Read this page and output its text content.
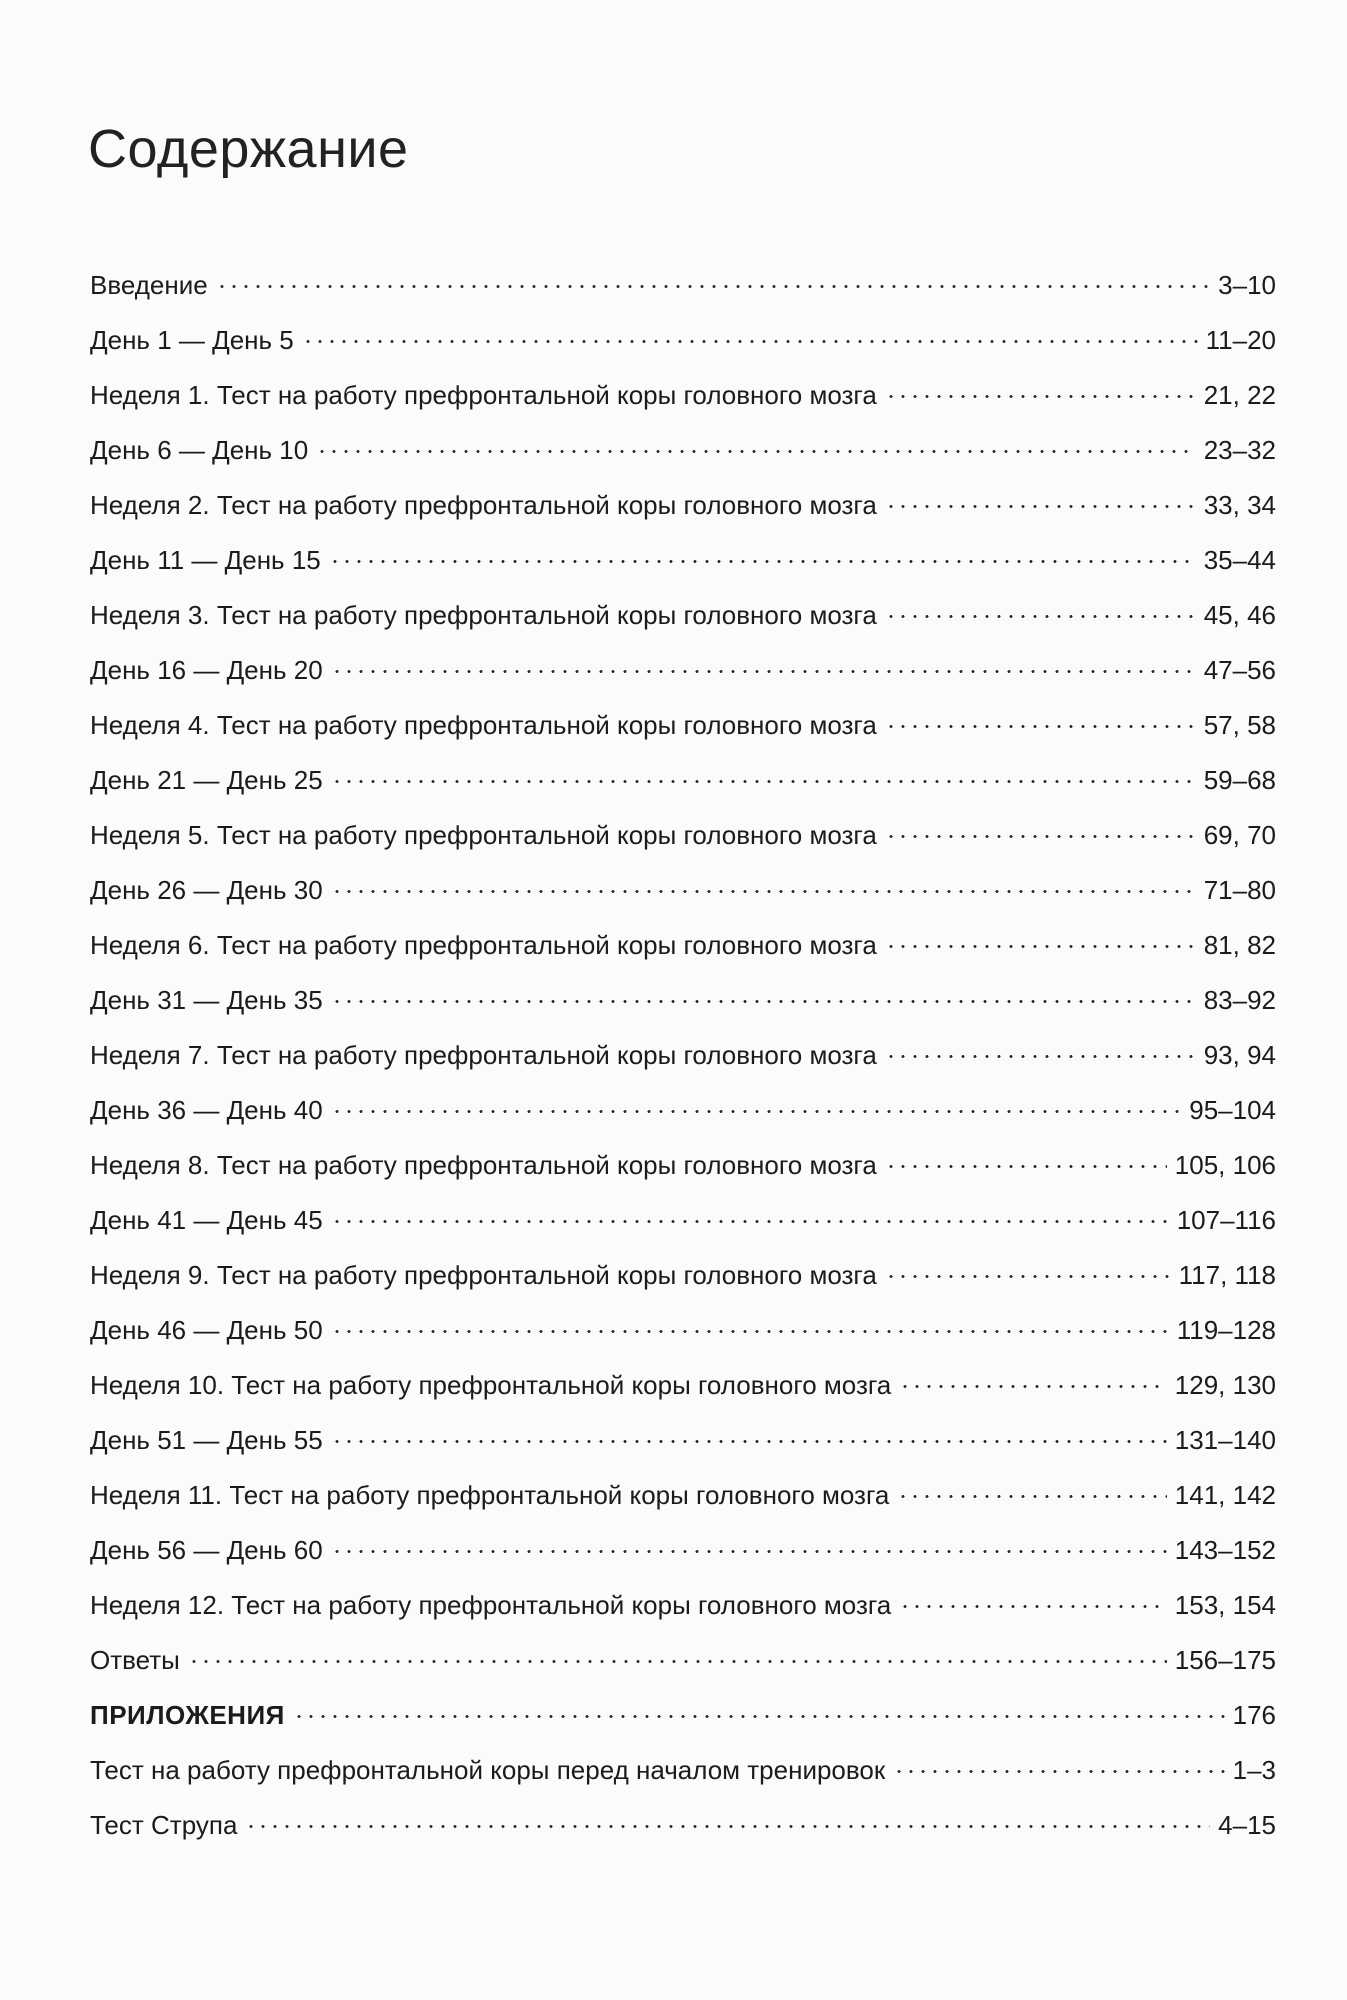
Содержание
Введение	3–10
День 1 — День 5	11–20
Неделя 1. Тест на работу префронтальной коры головного мозга	21, 22
День 6 — День 10	23–32
Неделя 2. Тест на работу префронтальной коры головного мозга	33, 34
День 11 — День 15	35–44
Неделя 3. Тест на работу префронтальной коры головного мозга	45, 46
День 16 — День 20	47–56
Неделя 4. Тест на работу префронтальной коры головного мозга	57, 58
День 21 — День 25	59–68
Неделя 5. Тест на работу префронтальной коры головного мозга	69, 70
День 26 — День 30	71–80
Неделя 6. Тест на работу префронтальной коры головного мозга	81, 82
День 31 — День 35	83–92
Неделя 7. Тест на работу префронтальной коры головного мозга	93, 94
День 36 — День 40	95–104
Неделя 8. Тест на работу префронтальной коры головного мозга	105, 106
День 41 — День 45	107–116
Неделя 9. Тест на работу префронтальной коры головного мозга	117, 118
День 46 — День 50	119–128
Неделя 10. Тест на работу префронтальной коры головного мозга	129, 130
День 51 — День 55	131–140
Неделя 11. Тест на работу префронтальной коры головного мозга	141, 142
День 56 — День 60	143–152
Неделя 12. Тест на работу префронтальной коры головного мозга	153, 154
Ответы	156–175
ПРИЛОЖЕНИЯ	176
Тест на работу префронтальной коры перед началом тренировок	1–3
Тест Струпа	4–15
